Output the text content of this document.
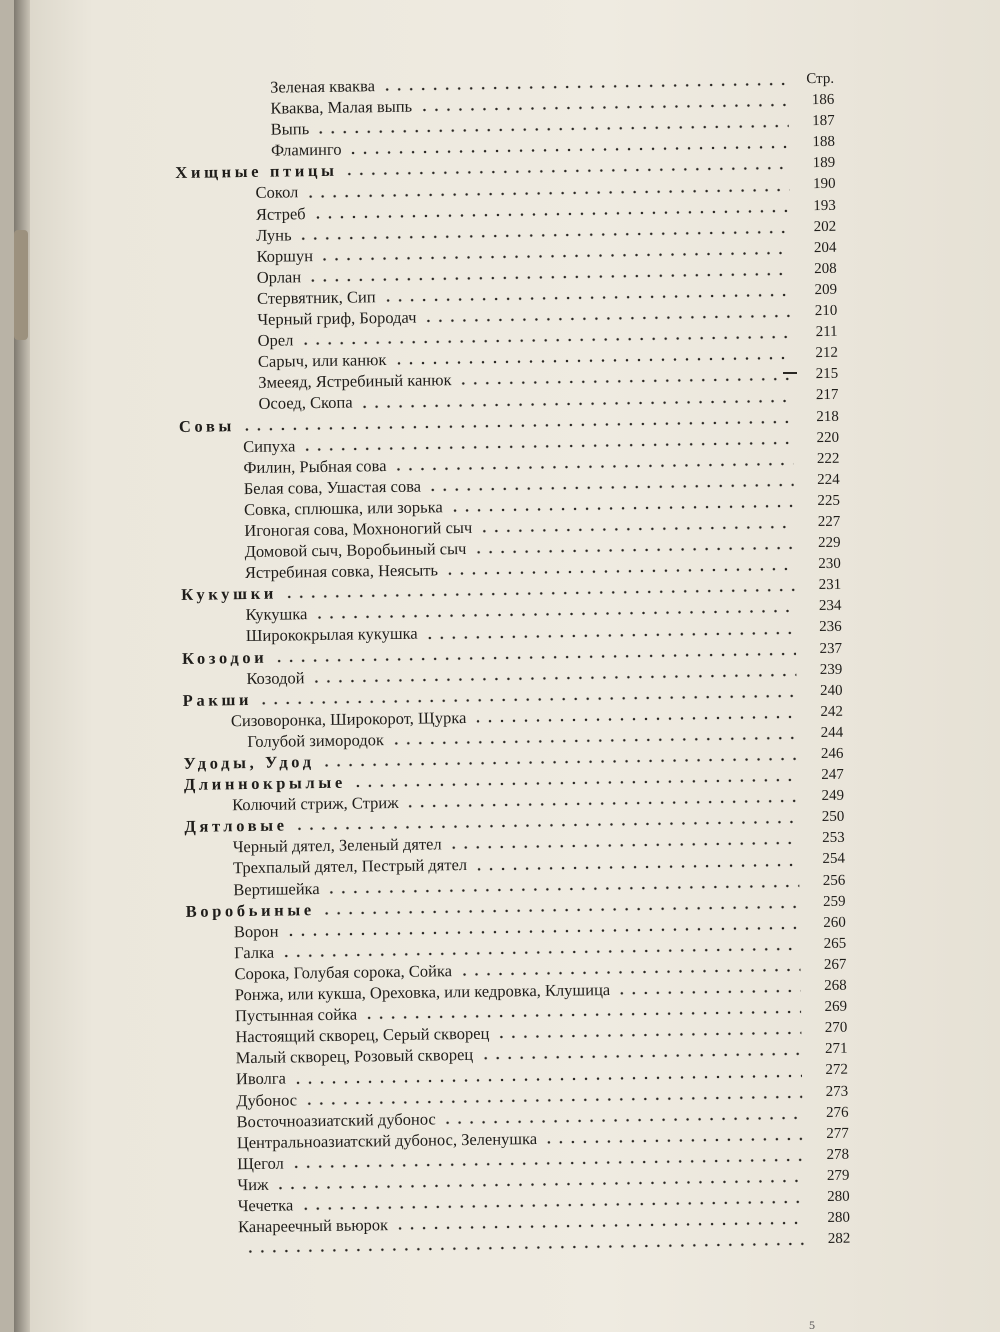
Зеленая кваква	Стр.
Кваква, Малая выпь	186
Выпь	187
Фламинго	188
Хищные птицы	189
Сокол	190
Ястреб	193
Лунь	202
Коршун	204
Орлан	208
Стервятник, Сип	209
Черный гриф, Бородач	210
Орел	211
Сарыч, или канюк	212
Змееяд, Ястребиный канюк	215
Осоед, Скопа	217
Совы	218
Сипуха	220
Филин, Рыбная сова	222
Белая сова, Ушастая сова	224
Совка, сплюшка, или зорька	225
Игоногая сова, Мохноногий сыч	227
Домовой сыч, Воробьиный сыч	229
Ястребиная совка, Неясыть	230
Кукушки	231
Кукушка	234
Ширококрылая кукушка	236
Козодои	237
Козодой	239
Ракши	240
Сизоворонка, Широкорот, Щурка	242
Голубой зимородок	244
Удоды, Удод	246
Длиннокрылые	247
Колючий стриж, Стриж	249
Дятловые	250
Черный дятел, Зеленый дятел	253
Трехпалый дятел, Пестрый дятел	254
Вертишейка	256
Воробьиные	259
Ворон	260
Галка	265
Сорока, Голубая сорока, Сойка	267
Ронжа, или кукша, Ореховка, или кедровка, Клушица	268
Пустынная сойка	269
Настоящий скворец, Серый скворец	270
Малый скворец, Розовый скворец	271
Иволга	272
Дубонос	273
Восточноазиатский дубонос	276
Центральноазиатский дубонос, Зеленушка	277
Щегол	278
Чиж	279
Чечетка	280
Канареечный вьюрок	280
282
5
